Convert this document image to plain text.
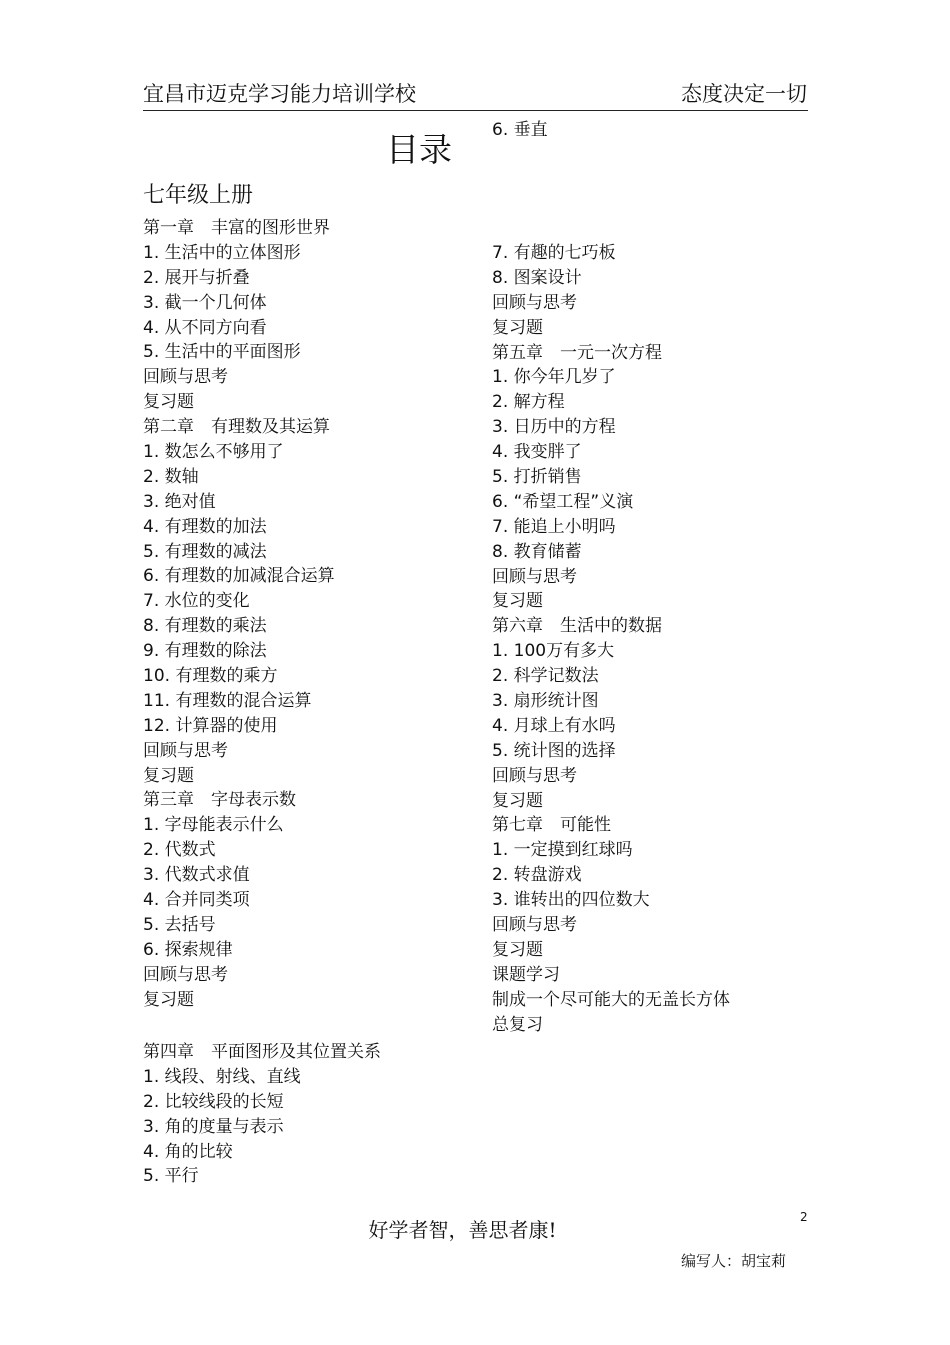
宜昌市迈克学习能力培训学校	态度决定一切
目录
七年级上册
第一章　丰富的图形世界
1. 生活中的立体图形
2. 展开与折叠
3. 截一个几何体
4. 从不同方向看
5. 生活中的平面图形
回顾与思考
复习题
第二章　有理数及其运算
1. 数怎么不够用了
2. 数轴
3. 绝对值
4. 有理数的加法
5. 有理数的减法
6. 有理数的加减混合运算
7. 水位的变化
8. 有理数的乘法
9. 有理数的除法
10. 有理数的乘方
11. 有理数的混合运算
12. 计算器的使用
回顾与思考
复习题
第三章　字母表示数
1. 字母能表示什么
2. 代数式
3. 代数式求值
4. 合并同类项
5. 去括号
6. 探索规律
回顾与思考
复习题
第四章　平面图形及其位置关系
1. 线段、射线、直线
2. 比较线段的长短
3. 角的度量与表示
4. 角的比较
5. 平行
6. 垂直
7. 有趣的七巧板
8. 图案设计
回顾与思考
复习题
第五章　一元一次方程
1. 你今年几岁了
2. 解方程
3. 日历中的方程
4. 我变胖了
5. 打折销售
6. “希望工程”义演
7. 能追上小明吗
8. 教育储蓄
回顾与思考
复习题
第六章　生活中的数据
1. 100万有多大
2. 科学记数法
3. 扇形统计图
4. 月球上有水吗
5. 统计图的选择
回顾与思考
复习题
第七章　可能性
1. 一定摸到红球吗
2. 转盘游戏
3. 谁转出的四位数大
回顾与思考
复习题
课题学习
制成一个尽可能大的无盖长方体
总复习
好学者智，善思者康!
2
编写人：胡宝莉
